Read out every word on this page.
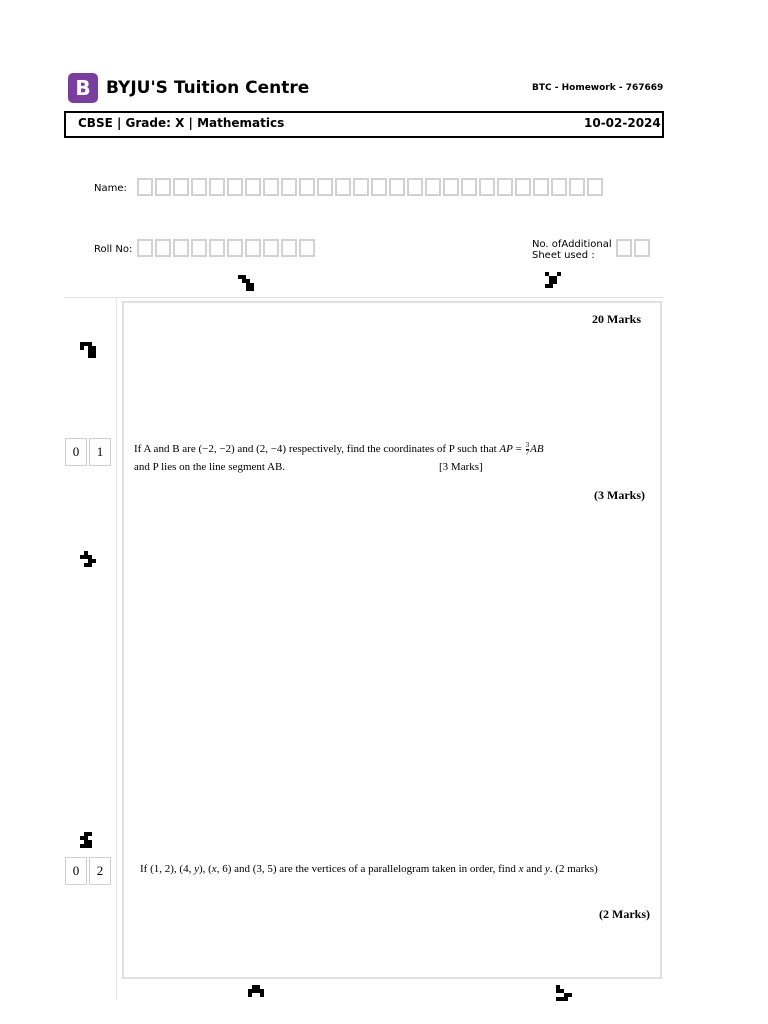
B BYJU'S Tuition Centre	BTC - Homework - 767669
CBSE | Grade: X | Mathematics	10-02-2024
Name:
Roll No:	No. ofAdditional
Sheet used :
20 Marks
0	1	If A and B are (−2, −2) and (2, −4) respectively, find the coordinates of P such that AP = $\frac{3}{7}$ AB
and P lies on the line segment AB.	[3 Marks]
(3 Marks)
0	2	If (1, 2), (4, y), (x, 6) and (3, 5) are the vertices of a parallelogram taken in order, find x and y. (2 marks)
(2 Marks)
